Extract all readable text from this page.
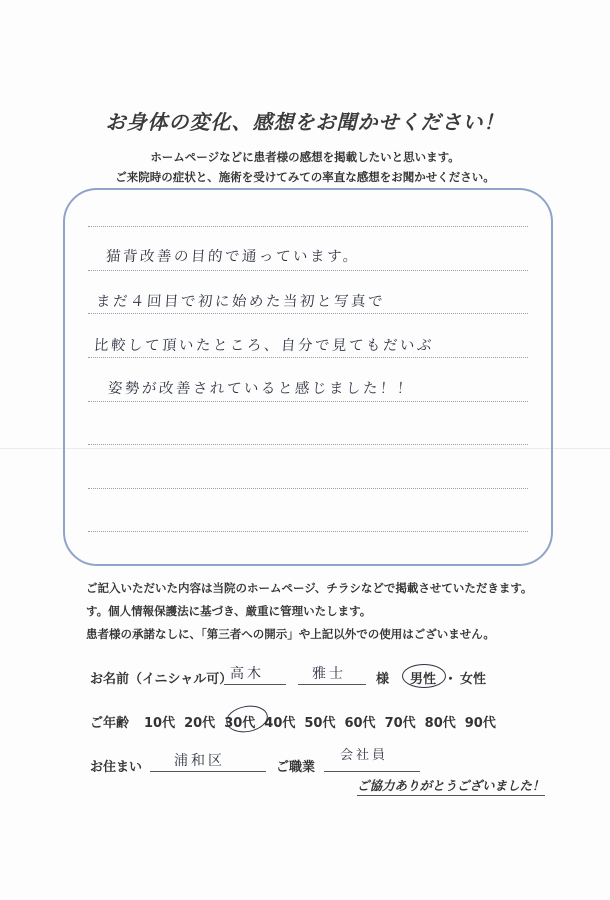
お身体の変化、感想をお聞かせください！
ホームページなどに患者様の感想を掲載したいと思います。
ご来院時の症状と、施術を受けてみての率直な感想をお聞かせください。
猫背改善の目的で通っています。
まだ４回目で初に始めた当初と写真で
比較して頂いたところ、自分で見てもだいぶ
姿勢が改善されていると感じました！！
ご記入いただいた内容は当院のホームページ、チラシなどで掲載させていただきます。
す。個人情報保護法に基づき、厳重に管理いたします。
患者様の承諾なしに、「第三者への開示」や上記以外での使用はございません。
お名前（イニシャル可）
高木	雅士 様 男性 ・ 女性
ご年齢 10代 20代 30代 40代 50代 60代 70代 80代 90代
お住まい 浦和区	ご職業
会社員
ご協力ありがとうございました！
